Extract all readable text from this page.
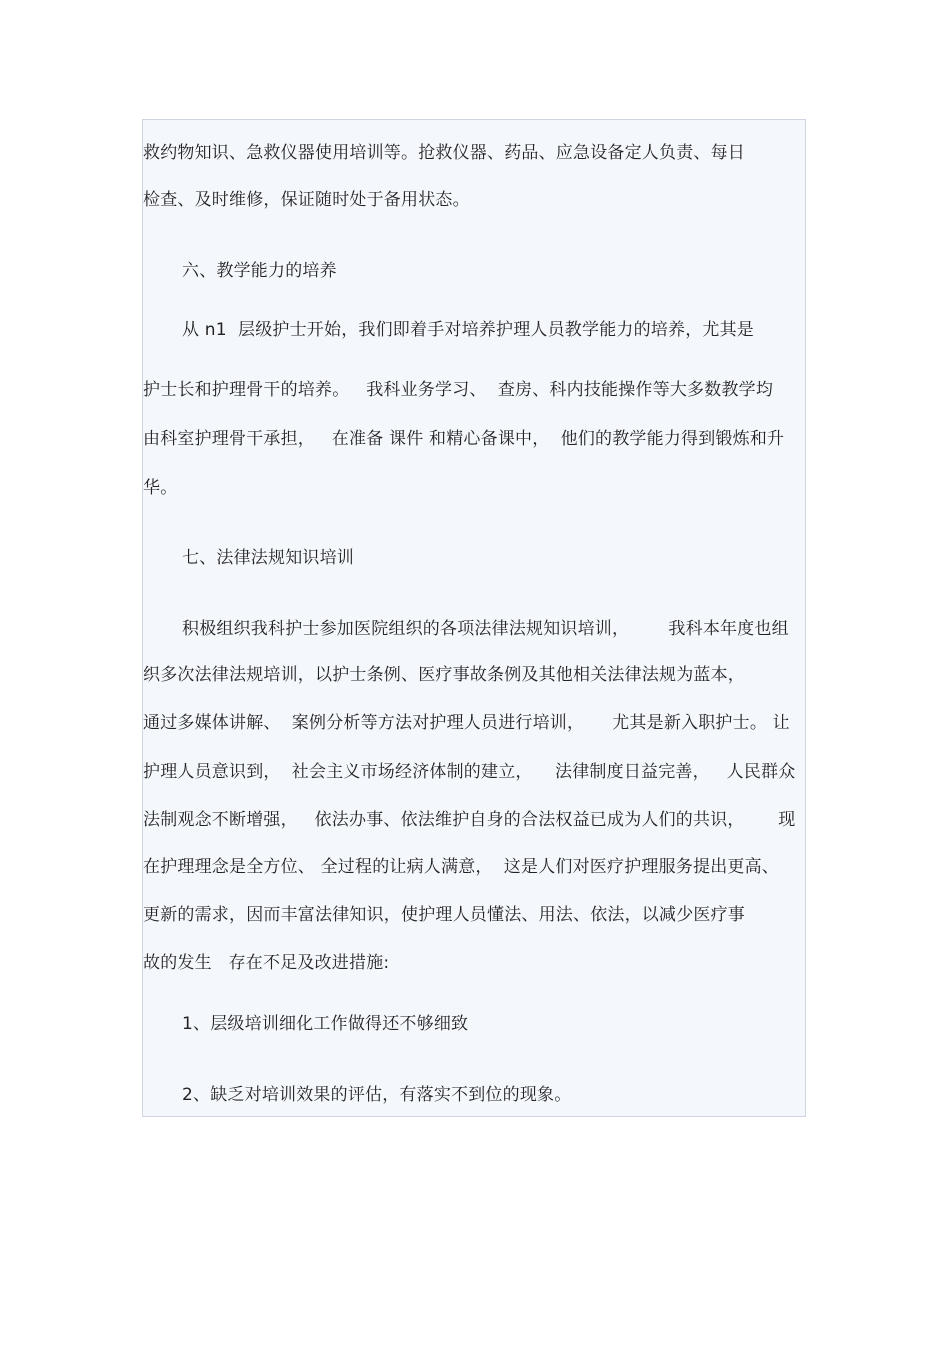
救约物知识、急救仪器使用培训等。抢救仪器、药品、应急设备定人负责、每日
检查、及时维修，保证随时处于备用状态。
六、教学能力的培养
从 n1  层级护士开始，我们即着手对培养护理人员教学能力的培养，尤其是
护士长和护理骨干的培养。   我科业务学习、  查房、科内技能操作等大多数教学均
由科室护理骨干承担，   在准备 课件 和精心备课中，  他们的教学能力得到锻炼和升
华。
七、法律法规知识培训
积极组织我科护士参加医院组织的各项法律法规知识培训，       我科本年度也组
织多次法律法规培训，以护士条例、医疗事故条例及其他相关法律法规为蓝本，
通过多媒体讲解、  案例分析等方法对护理人员进行培训，     尤其是新入职护士。 让
护理人员意识到，  社会主义市场经济体制的建立，    法律制度日益完善，   人民群众
法制观念不断增强，   依法办事、依法维护自身的合法权益已成为人们的共识，      现
在护理理念是全方位、 全过程的让病人满意，  这是人们对医疗护理服务提出更高、
更新的需求，因而丰富法律知识，使护理人员懂法、用法、依法，以减少医疗事
故的发生   存在不足及改进措施:
1、层级培训细化工作做得还不够细致
2、缺乏对培训效果的评估，有落实不到位的现象。
